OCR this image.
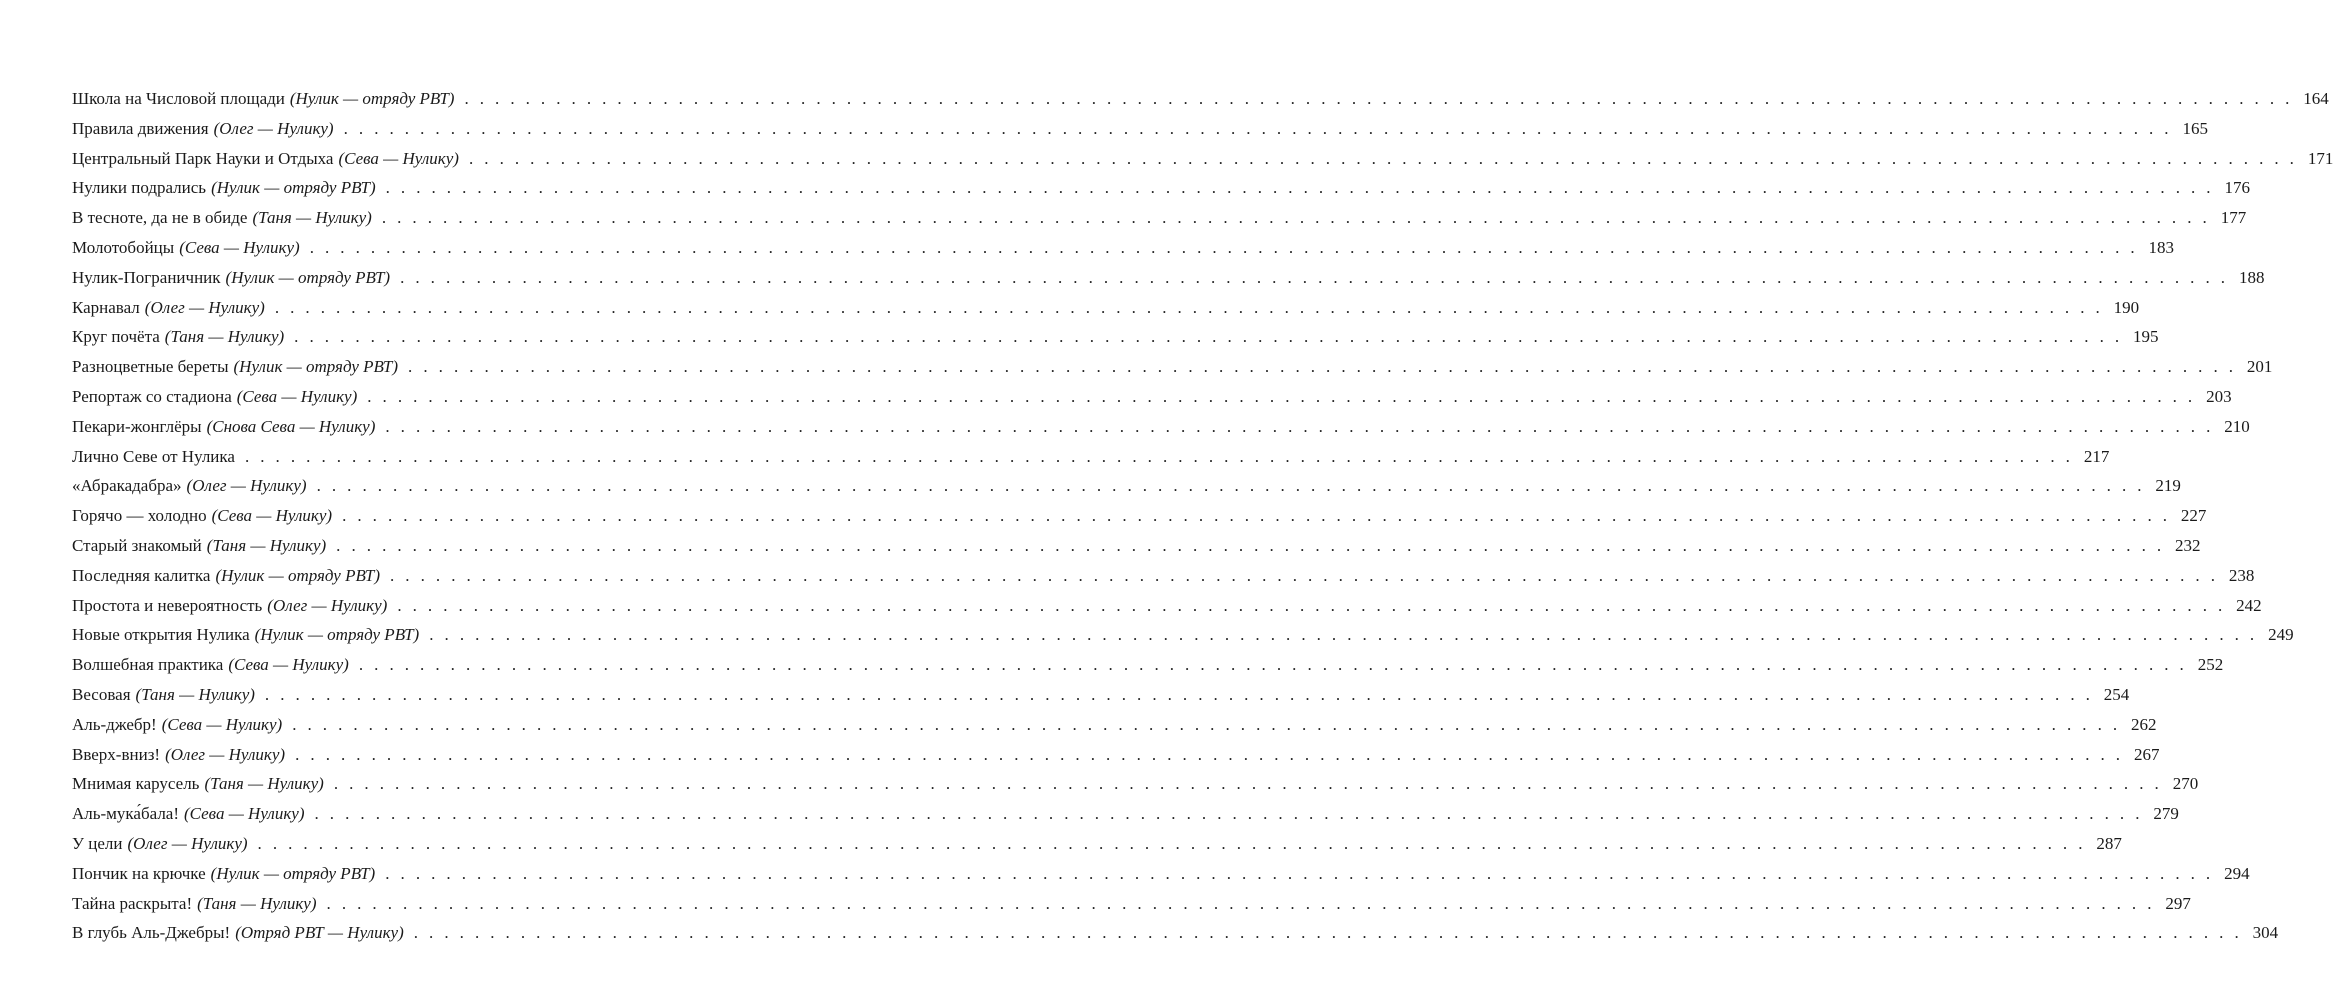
Школа на Числовой площади (Нулик — отряду РВТ) . . . . . . . . . . . . . . . . . . . . . . . . . . . . . . . . . . . . . . . . . . . . . . . . . . . . . . . . . . . . . . . . . . . . . . . . . . . . . . . . . . . . . . . . . . . . . . . . . . . . . . . . . . . . . . . . . . . . . . . . 164
Правила движения (Олег — Нулику) . . . . . . . . . . . . . . . . . . . . . . . . . . . . . . . . . . . . . . . . . . . . . . . . . . . . . . . . . . . . . . . . . . . . . . . . . . . . . . . . . . . . . . . . . . . . . . . . . . . . . . . . . . . . . . . . . . . . . . . . 165
Центральный Парк Науки и Отдыха (Сева — Нулику) . . . . . . . . . . . . . . . . . . . . . . . . . . . . . . . . . . . . . . . . . . . . . . . . . . . . . . . . . . . . . . . . . . . . . . . . . . . . . . . . . . . . . . . . . . . . . . . . . . . . . . . . . . . . . . . . . . . . . . . . 171
Нулики подрались (Нулик — отряду РВТ) . . . . . . . . . . . . . . . . . . . . . . . . . . . . . . . . . . . . . . . . . . . . . . . . . . . . . . . . . . . . . . . . . . . . . . . . . . . . . . . . . . . . . . . . . . . . . . . . . . . . . . . . . . . . . . . . . . . . . . . . 176
В тесноте, да не в обиде (Таня — Нулику) . . . . . . . . . . . . . . . . . . . . . . . . . . . . . . . . . . . . . . . . . . . . . . . . . . . . . . . . . . . . . . . . . . . . . . . . . . . . . . . . . . . . . . . . . . . . . . . . . . . . . . . . . . . . . . . . . . . . . . . . 177
Молотобойцы (Сева — Нулику) . . . . . . . . . . . . . . . . . . . . . . . . . . . . . . . . . . . . . . . . . . . . . . . . . . . . . . . . . . . . . . . . . . . . . . . . . . . . . . . . . . . . . . . . . . . . . . . . . . . . . . . . . . . . . . . . . . . . . . . . 183
Нулик-Пограничник (Нулик — отряду РВТ) . . . . . . . . . . . . . . . . . . . . . . . . . . . . . . . . . . . . . . . . . . . . . . . . . . . . . . . . . . . . . . . . . . . . . . . . . . . . . . . . . . . . . . . . . . . . . . . . . . . . . . . . . . . . . . . . . . . . . . . . 188
Карнавал (Олег — Нулику) . . . . . . . . . . . . . . . . . . . . . . . . . . . . . . . . . . . . . . . . . . . . . . . . . . . . . . . . . . . . . . . . . . . . . . . . . . . . . . . . . . . . . . . . . . . . . . . . . . . . . . . . . . . . . . . . . . . . . . . . 190
Круг почёта (Таня — Нулику) . . . . . . . . . . . . . . . . . . . . . . . . . . . . . . . . . . . . . . . . . . . . . . . . . . . . . . . . . . . . . . . . . . . . . . . . . . . . . . . . . . . . . . . . . . . . . . . . . . . . . . . . . . . . . . . . . . . . . . . . 195
Разноцветные береты (Нулик — отряду РВТ) . . . . . . . . . . . . . . . . . . . . . . . . . . . . . . . . . . . . . . . . . . . . . . . . . . . . . . . . . . . . . . . . . . . . . . . . . . . . . . . . . . . . . . . . . . . . . . . . . . . . . . . . . . . . . . . . . . . . . . . . 201
Репортаж со стадиона (Сева — Нулику) . . . . . . . . . . . . . . . . . . . . . . . . . . . . . . . . . . . . . . . . . . . . . . . . . . . . . . . . . . . . . . . . . . . . . . . . . . . . . . . . . . . . . . . . . . . . . . . . . . . . . . . . . . . . . . . . . . . . . . . . 203
Пекари-жонглёры (Снова Сева — Нулику) . . . . . . . . . . . . . . . . . . . . . . . . . . . . . . . . . . . . . . . . . . . . . . . . . . . . . . . . . . . . . . . . . . . . . . . . . . . . . . . . . . . . . . . . . . . . . . . . . . . . . . . . . . . . . . . . . . . . . . . . 210
Лично Севе от Нулика . . . . . . . . . . . . . . . . . . . . . . . . . . . . . . . . . . . . . . . . . . . . . . . . . . . . . . . . . . . . . . . . . . . . . . . . . . . . . . . . . . . . . . . . . . . . . . . . . . . . . . . . . . . . . . . . . . . . . . . . 217
«Абракадабра» (Олег — Нулику) . . . . . . . . . . . . . . . . . . . . . . . . . . . . . . . . . . . . . . . . . . . . . . . . . . . . . . . . . . . . . . . . . . . . . . . . . . . . . . . . . . . . . . . . . . . . . . . . . . . . . . . . . . . . . . . . . . . . . . . . 219
Горячо — холодно (Сева — Нулику) . . . . . . . . . . . . . . . . . . . . . . . . . . . . . . . . . . . . . . . . . . . . . . . . . . . . . . . . . . . . . . . . . . . . . . . . . . . . . . . . . . . . . . . . . . . . . . . . . . . . . . . . . . . . . . . . . . . . . . . . 227
Старый знакомый (Таня — Нулику) . . . . . . . . . . . . . . . . . . . . . . . . . . . . . . . . . . . . . . . . . . . . . . . . . . . . . . . . . . . . . . . . . . . . . . . . . . . . . . . . . . . . . . . . . . . . . . . . . . . . . . . . . . . . . . . . . . . . . . . . 232
Последняя калитка (Нулик — отряду РВТ) . . . . . . . . . . . . . . . . . . . . . . . . . . . . . . . . . . . . . . . . . . . . . . . . . . . . . . . . . . . . . . . . . . . . . . . . . . . . . . . . . . . . . . . . . . . . . . . . . . . . . . . . . . . . . . . . . . . . . . . . 238
Простота и невероятность (Олег — Нулику) . . . . . . . . . . . . . . . . . . . . . . . . . . . . . . . . . . . . . . . . . . . . . . . . . . . . . . . . . . . . . . . . . . . . . . . . . . . . . . . . . . . . . . . . . . . . . . . . . . . . . . . . . . . . . . . . . . . . . . . . 242
Новые открытия Нулика (Нулик — отряду РВТ) . . . . . . . . . . . . . . . . . . . . . . . . . . . . . . . . . . . . . . . . . . . . . . . . . . . . . . . . . . . . . . . . . . . . . . . . . . . . . . . . . . . . . . . . . . . . . . . . . . . . . . . . . . . . . . . . . . . . . . . . 249
Волшебная практика (Сева — Нулику) . . . . . . . . . . . . . . . . . . . . . . . . . . . . . . . . . . . . . . . . . . . . . . . . . . . . . . . . . . . . . . . . . . . . . . . . . . . . . . . . . . . . . . . . . . . . . . . . . . . . . . . . . . . . . . . . . . . . . . . . 252
Весовая (Таня — Нулику) . . . . . . . . . . . . . . . . . . . . . . . . . . . . . . . . . . . . . . . . . . . . . . . . . . . . . . . . . . . . . . . . . . . . . . . . . . . . . . . . . . . . . . . . . . . . . . . . . . . . . . . . . . . . . . . . . . . . . . . . 254
Аль-джебр! (Сева — Нулику) . . . . . . . . . . . . . . . . . . . . . . . . . . . . . . . . . . . . . . . . . . . . . . . . . . . . . . . . . . . . . . . . . . . . . . . . . . . . . . . . . . . . . . . . . . . . . . . . . . . . . . . . . . . . . . . . . . . . . . . . 262
Вверх-вниз! (Олег — Нулику) . . . . . . . . . . . . . . . . . . . . . . . . . . . . . . . . . . . . . . . . . . . . . . . . . . . . . . . . . . . . . . . . . . . . . . . . . . . . . . . . . . . . . . . . . . . . . . . . . . . . . . . . . . . . . . . . . . . . . . . . 267
Мнимая карусель (Таня — Нулику) . . . . . . . . . . . . . . . . . . . . . . . . . . . . . . . . . . . . . . . . . . . . . . . . . . . . . . . . . . . . . . . . . . . . . . . . . . . . . . . . . . . . . . . . . . . . . . . . . . . . . . . . . . . . . . . . . . . . . . . . 270
Аль-мука́бала! (Сева — Нулику) . . . . . . . . . . . . . . . . . . . . . . . . . . . . . . . . . . . . . . . . . . . . . . . . . . . . . . . . . . . . . . . . . . . . . . . . . . . . . . . . . . . . . . . . . . . . . . . . . . . . . . . . . . . . . . . . . . . . . . . . 279
У цели (Олег — Нулику) . . . . . . . . . . . . . . . . . . . . . . . . . . . . . . . . . . . . . . . . . . . . . . . . . . . . . . . . . . . . . . . . . . . . . . . . . . . . . . . . . . . . . . . . . . . . . . . . . . . . . . . . . . . . . . . . . . . . . . . . 287
Пончик на крючке (Нулик — отряду РВТ) . . . . . . . . . . . . . . . . . . . . . . . . . . . . . . . . . . . . . . . . . . . . . . . . . . . . . . . . . . . . . . . . . . . . . . . . . . . . . . . . . . . . . . . . . . . . . . . . . . . . . . . . . . . . . . . . . . . . . . . . 294
Тайна раскрыта! (Таня — Нулику) . . . . . . . . . . . . . . . . . . . . . . . . . . . . . . . . . . . . . . . . . . . . . . . . . . . . . . . . . . . . . . . . . . . . . . . . . . . . . . . . . . . . . . . . . . . . . . . . . . . . . . . . . . . . . . . . . . . . . . . . 297
В глубь Аль-Джебры! (Отряд РВТ — Нулику) . . . . . . . . . . . . . . . . . . . . . . . . . . . . . . . . . . . . . . . . . . . . . . . . . . . . . . . . . . . . . . . . . . . . . . . . . . . . . . . . . . . . . . . . . . . . . . . . . . . . . . . . . . . . . . . . . . . . . . . . 304
